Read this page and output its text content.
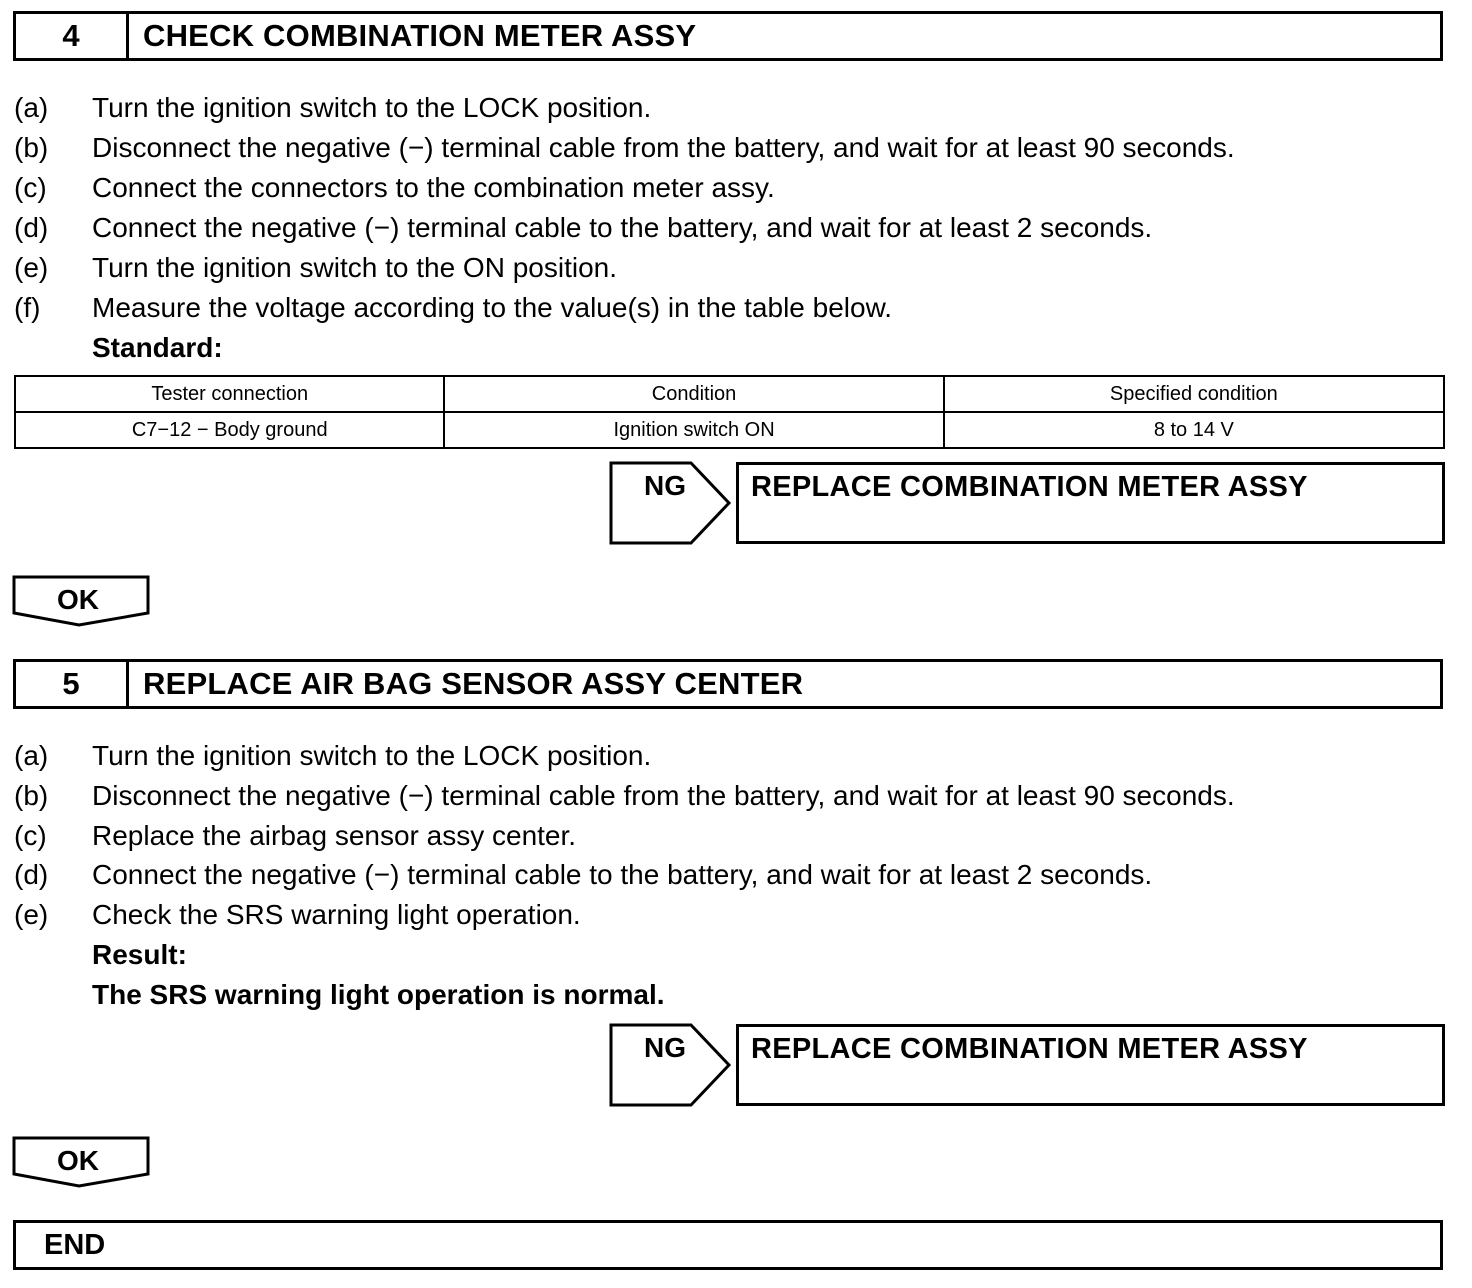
4	CHECK COMBINATION METER ASSY
(a)	Turn the ignition switch to the LOCK position.
(b)	Disconnect the negative (−) terminal cable from the battery, and wait for at least 90 seconds.
(c)	Connect the connectors to the combination meter assy.
(d)	Connect the negative (−) terminal cable to the battery, and wait for at least 2 seconds.
(e)	Turn the ignition switch to the ON position.
(f)	Measure the voltage according to the value(s) in the table below.
Standard:
Tester connection	Condition	Specified condition
C7−12 − Body ground	Ignition switch ON	8 to 14 V
NG REPLACE COMBINATION METER ASSY
OK
5	REPLACE AIR BAG SENSOR ASSY CENTER
(a)	Turn the ignition switch to the LOCK position.
(b)	Disconnect the negative (−) terminal cable from the battery, and wait for at least 90 seconds.
(c)	Replace the airbag sensor assy center.
(d)	Connect the negative (−) terminal cable to the battery, and wait for at least 2 seconds.
(e)	Check the SRS warning light operation.
Result:
The SRS warning light operation is normal.
NG REPLACE COMBINATION METER ASSY
OK
END
